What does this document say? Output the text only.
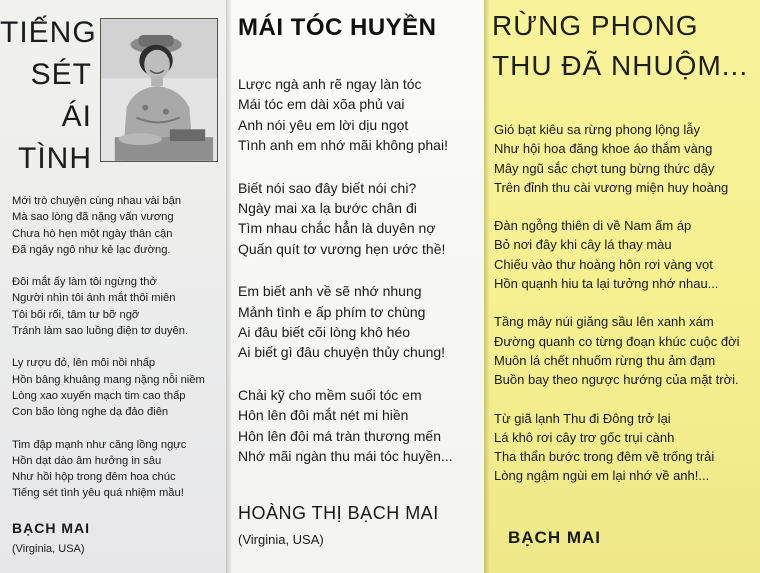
TIẾNG
SÉT
ÁI
TÌNH
Mới trò chuyện cùng nhau vài bận
Mà sao lòng đã nặng vấn vương
Chưa hò hẹn một ngày thân cận
Đã ngây ngô như kẻ lạc đường.
Đôi mắt ấy làm tôi ngừng thở
Người nhìn tôi ánh mắt thôi miên
Tôi bối rối, tâm tư bỡ ngỡ
Tránh làm sao luồng điện tơ duyên.
Ly rượu đỏ, lên môi nồi nhấp
Hồn bâng khuâng mang nặng nỗi niềm
Lòng xao xuyến mạch tim cao thấp
Con bão lòng nghe dạ đảo điên
Tim đập mạnh như căng lồng ngực
Hồn dạt dào âm hưởng in sâu
Như hồi hộp trong đêm hoa chúc
Tiếng sét tình yêu quá nhiệm mầu!
BẠCH MAI
(Virginia, USA)
MÁI TÓC HUYỀN
Lược ngà anh rẽ ngay làn tóc
Mái tóc em dài xõa phủ vai
Anh nói yêu em lời dịu ngọt
Tình anh em nhớ mãi không phai!
Biết nói sao đây biết nói chi?
Ngày mai xa lạ bước chân đi
Tìm nhau chắc hẳn là duyên nợ
Quấn quít tơ vương hẹn ước thề!
Em biết anh về sẽ nhớ nhung
Mảnh tình e ấp phím tơ chùng
Ai đâu biết cõi lòng khô héo
Ai biết gì đâu chuyện thủy chung!
Chải kỹ cho mềm suối tóc em
Hôn lên đôi mắt nét mi hiền
Hôn lên đôi má tràn thương mến
Nhớ mãi ngàn thu mái tóc huyền...
HOÀNG THỊ BẠCH MAI
(Virginia, USA)
RỪNG PHONG
THU ĐÃ NHUỘM...
Gió bạt kiêu sa rừng phong lộng lẫy
Như hội hoa đăng khoe áo thắm vàng
Mây ngũ sắc chợt tung bừng thức dậy
Trên đỉnh thu cài vương miện huy hoàng
Đàn ngỗng thiên di về Nam ấm áp
Bỏ nơi đây khi cây lá thay màu
Chiếu vào thư hoàng hôn rơi vàng vọt
Hồn quạnh hiu ta lại tưởng nhớ nhau...
Tầng mây núi giăng sầu lên xanh xám
Đường quanh co từng đoạn khúc cuộc đời
Muôn lá chết nhuốm rừng thu ảm đạm
Buồn bay theo ngược hướng của mặt trời.
Từ giã lạnh Thu đi Đông trở lại
Lá khô rơi cây trơ gốc trụi cành
Tha thẩn bước trong đêm về trống trải
Lòng ngậm ngùi em lại nhớ về anh!...
BẠCH MAI
